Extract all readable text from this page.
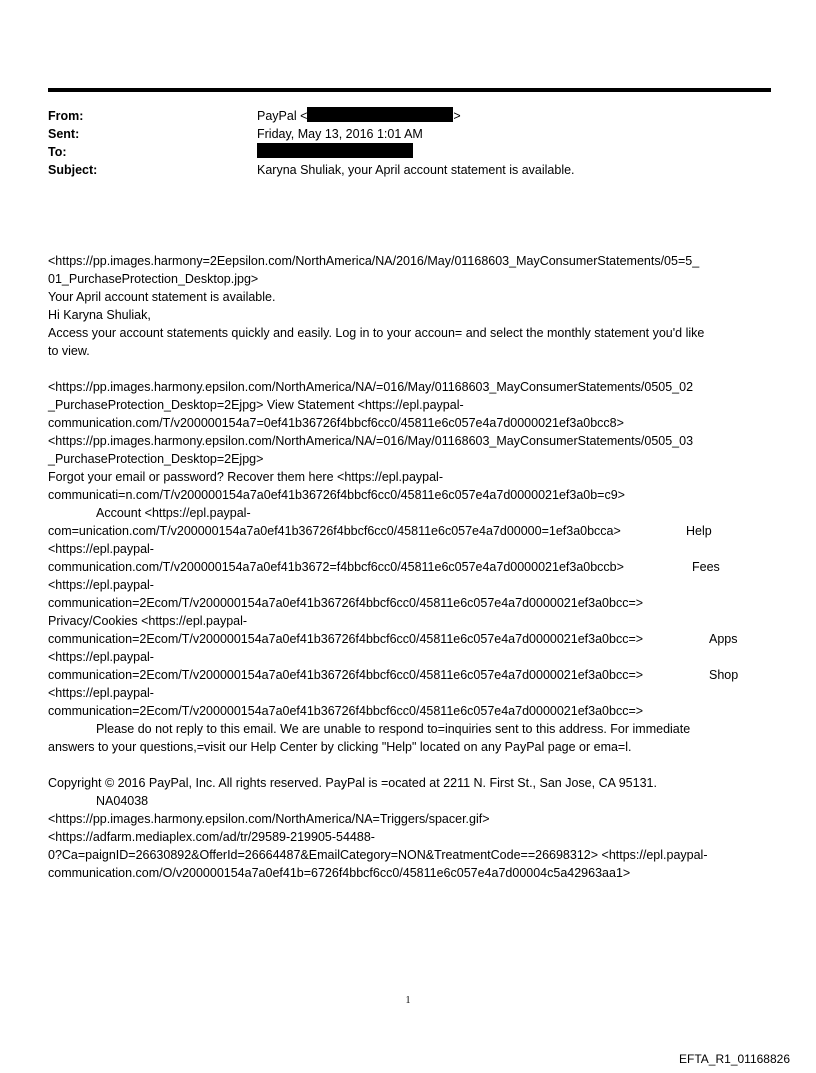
From:	PayPal <	>
Sent:	Friday, May 13, 2016 1:01 AM
To:
Subject:	Karyna Shuliak, your April account statement is available.
<https://pp.images.harmony=2Eepsilon.com/NorthAmerica/NA/2016/May/01168603_MayConsumerStatements/05=5_
01_PurchaseProtection_Desktop.jpg>
Your April account statement is available.
Hi Karyna Shuliak,
Access your account statements quickly and easily. Log in to your accoun= and select the monthly statement you'd like
to view.
<https://pp.images.harmony.epsilon.com/NorthAmerica/NA/=016/May/01168603_MayConsumerStatements/0505_02
_PurchaseProtection_Desktop=2Ejpg> View Statement <https://epl.paypal-
communication.com/T/v200000154a7=0ef41b36726f4bbcf6cc0/45811e6c057e4a7d0000021ef3a0bcc8>
<https://pp.images.harmony.epsilon.com/NorthAmerica/NA/=016/May/01168603_MayConsumerStatements/0505_03
_PurchaseProtection_Desktop=2Ejpg>
Forgot your email or password? Recover them here <https://epl.paypal-
communicati=n.com/T/v200000154a7a0ef41b36726f4bbcf6cc0/45811e6c057e4a7d0000021ef3a0b=c9>
Account <https://epl.paypal-
com=unication.com/T/v200000154a7a0ef41b36726f4bbcf6cc0/45811e6c057e4a7d00000=1ef3a0bcca>	Help
<https://epl.paypal-
communication.com/T/v200000154a7a0ef41b3672=f4bbcf6cc0/45811e6c057e4a7d0000021ef3a0bccb>	Fees
<https://epl.paypal-
communication=2Ecom/T/v200000154a7a0ef41b36726f4bbcf6cc0/45811e6c057e4a7d0000021ef3a0bcc=>
Privacy/Cookies <https://epl.paypal-
communication=2Ecom/T/v200000154a7a0ef41b36726f4bbcf6cc0/45811e6c057e4a7d0000021ef3a0bcc=>	Apps
<https://epl.paypal-
communication=2Ecom/T/v200000154a7a0ef41b36726f4bbcf6cc0/45811e6c057e4a7d0000021ef3a0bcc=>	Shop
<https://epl.paypal-
communication=2Ecom/T/v200000154a7a0ef41b36726f4bbcf6cc0/45811e6c057e4a7d0000021ef3a0bcc=>
Please do not reply to this email. We are unable to respond to=inquiries sent to this address. For immediate
answers to your questions,=visit our Help Center by clicking "Help" located on any PayPal page or ema=l.
Copyright © 2016 PayPal, Inc. All rights reserved. PayPal is =ocated at 2211 N. First St., San Jose, CA 95131.
NA04038
<https://pp.images.harmony.epsilon.com/NorthAmerica/NA=Triggers/spacer.gif>
<https://adfarm.mediaplex.com/ad/tr/29589-219905-54488-
0?Ca=paignID=26630892&OfferId=26664487&EmailCategory=NON&TreatmentCode==26698312> <https://epl.paypal-
communication.com/O/v200000154a7a0ef41b=6726f4bbcf6cc0/45811e6c057e4a7d00004c5a42963aa1>
1
EFTA_R1_01168826
